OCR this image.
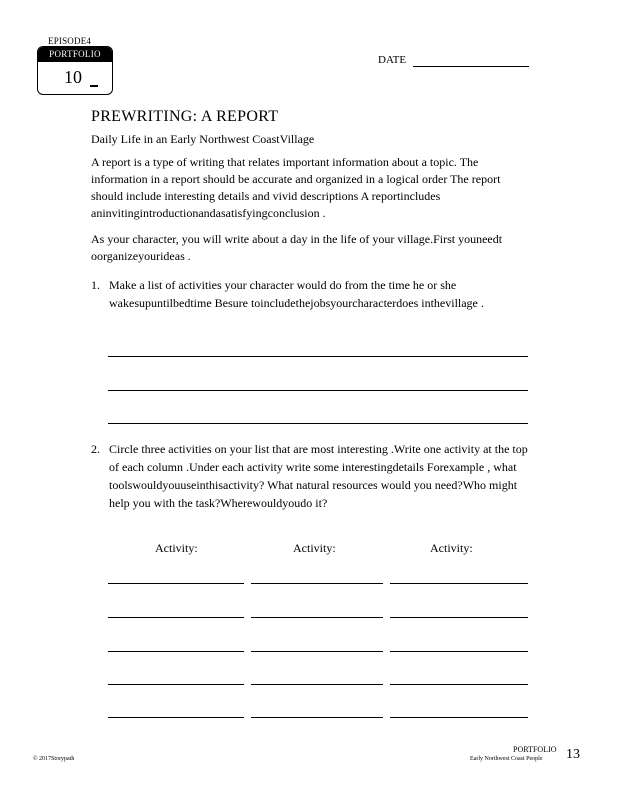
EPISODE4
PORTFOLIO
10
DATE
PREWRITING: A REPORT
Daily Life in an Early Northwest CoastVillage
A report is a type of writing that relates important information about a topic. The information in a report should be accurate and organized in a logical order The report should include interesting details and vivid descriptions A reportincludes aninvitingintroductionandasatisfyingconclusion .
As your character, you will write about a day in the life of your village.First youneedt oorganizeyourideas .
1. Make a list of activities your character would do from the time he or she wakesupuntilbedtime Besure toincludethejobsyourcharacterdoes inthevillage .
2. Circle three activities on your list that are most interesting .Write one activity at the top of each column .Under each activity write some interestingdetails Forexample , what toolswouldyouuseinthisactivity? What natural resources would you need?Who might help you with the task?Wherewouldyoudo it?
Activity:	Activity:	Activity:
© 2017Storypath
PORTFOLIO
Early Northwest Coast People 13
